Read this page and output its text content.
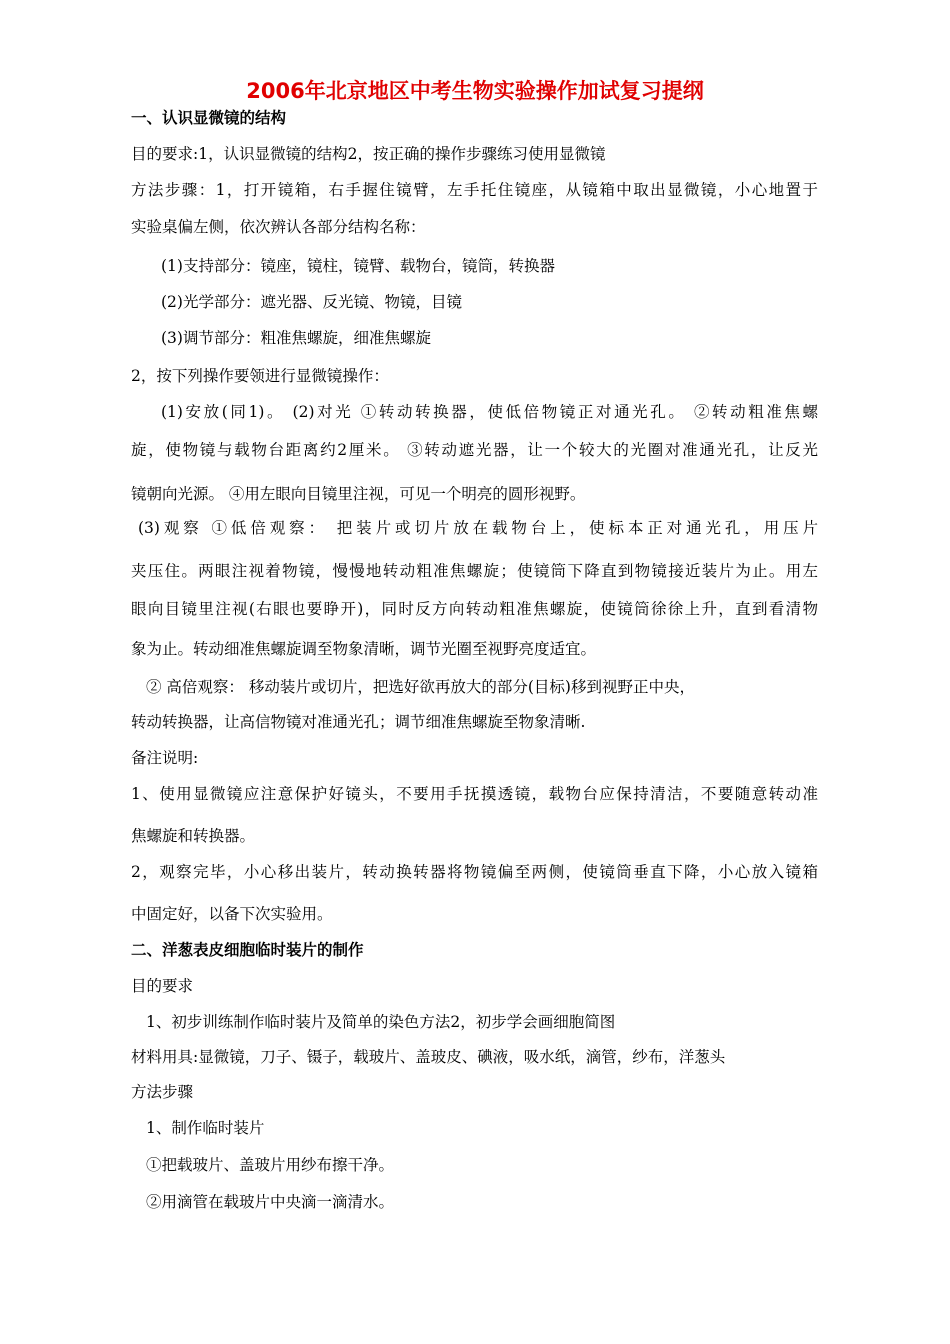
2006年北京地区中考生物实验操作加试复习提纲
一、认识显微镜的结构
目的要求:1，认识显微镜的结构2，按正确的操作步骤练习使用显微镜
方法步骤：1，打开镜箱，右手握住镜臂，左手托住镜座，从镜箱中取出显微镜，小心地置于
实验桌偏左侧，依次辨认各部分结构名称：
(1)支持部分：镜座，镜柱，镜臂、载物台，镜筒，转换器
(2)光学部分：遮光器、反光镜、物镜，目镜
(3)调节部分：粗准焦螺旋，细准焦螺旋
2，按下列操作要领进行显微镜操作：
(1)安放(同1)。 (2)对光 ①转动转换器，使低倍物镜正对通光孔。 ②转动粗准焦螺
旋，使物镜与载物台距离约2厘米。 ③转动遮光器，让一个较大的光圈对准通光孔，让反光
镜朝向光源。 ④用左眼向目镜里注视，可见一个明亮的圆形视野。
(3)观察 ①低倍观察： 把装片或切片放在载物台上，使标本正对通光孔，用压片
夹压住。两眼注视着物镜，慢慢地转动粗准焦螺旋；使镜筒下降直到物镜接近装片为止。用左
眼向目镜里注视(右眼也要睁开)，同时反方向转动粗准焦螺旋，使镜筒徐徐上升，直到看清物
象为止。转动细准焦螺旋调至物象清晰，调节光圈至视野亮度适宜。
② 高倍观察： 移动装片或切片，把选好欲再放大的部分(目标)移到视野正中央，
转动转换器，让高信物镜对准通光孔；调节细准焦螺旋至物象清晰.
备注说明:
1、使用显微镜应注意保护好镜头，不要用手抚摸透镜，载物台应保持清洁，不要随意转动准
焦螺旋和转换器。
2，观察完毕，小心移出装片，转动换转器将物镜偏至两侧，使镜筒垂直下降，小心放入镜箱
中固定好，以备下次实验用。
二、洋葱表皮细胞临时装片的制作
目的要求
1、初步训练制作临时装片及简单的染色方法2，初步学会画细胞简图
材料用具:显微镜，刀子、镊子，载玻片、盖玻皮、碘液，吸水纸，滴管，纱布，洋葱头
方法步骤
1、制作临时装片
①把载玻片、盖玻片用纱布擦干净。
②用滴管在载玻片中央滴一滴清水。
